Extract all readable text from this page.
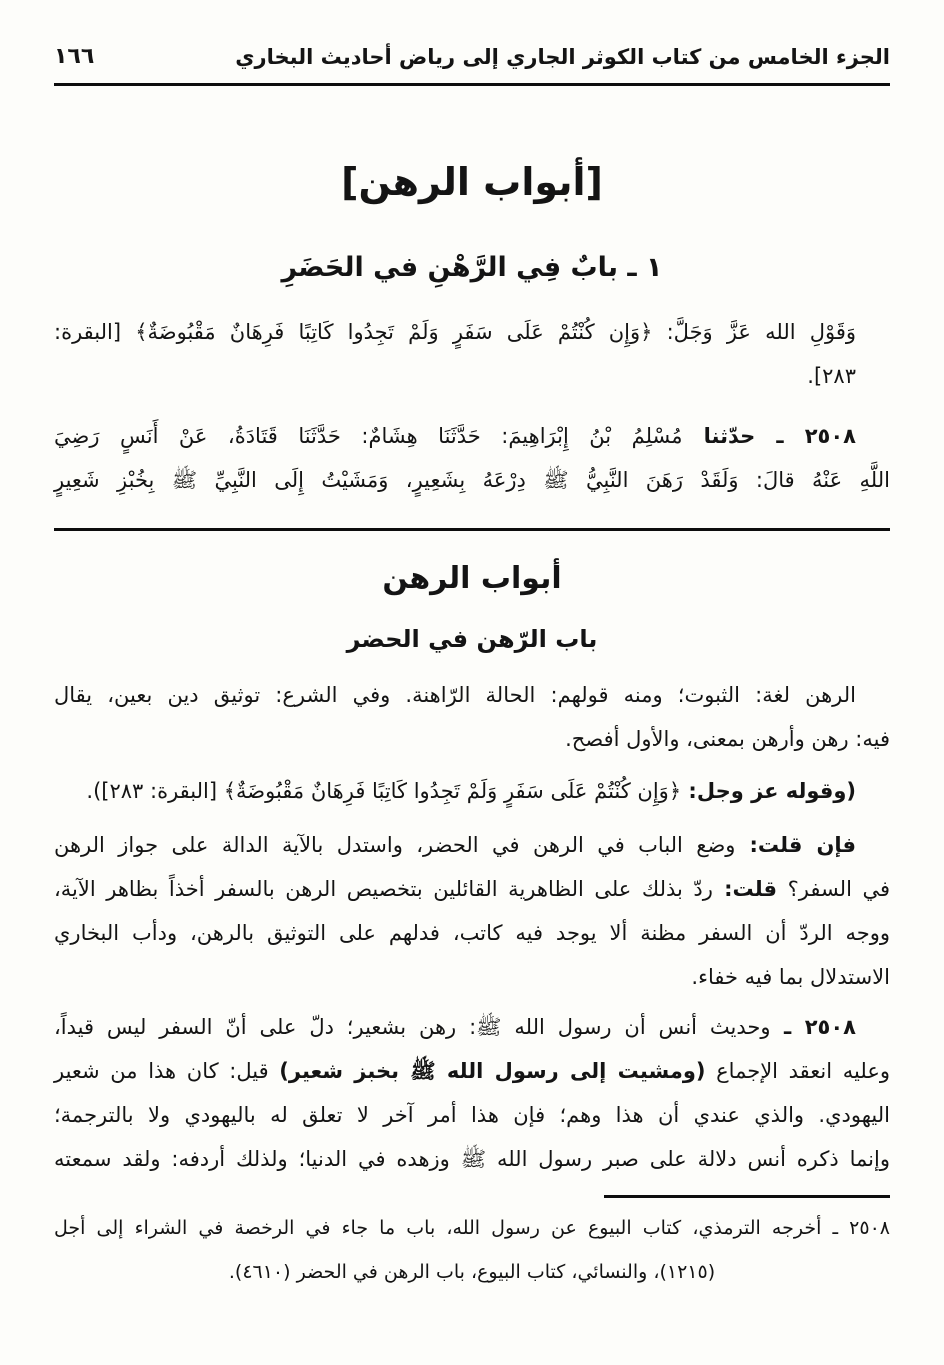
الجزء الخامس من كتاب الكوثر الجاري إلى رياض أحاديث البخاري
١٦٦
[أبواب الرهن]
١ ـ بابٌ فِي الرَّهْنِ في الحَضَرِ
وَقَوْلِ الله عَزَّ وَجَلَّ: ﴿وَإِن كُنْتُمْ عَلَى سَفَرٍ وَلَمْ تَجِدُوا كَاتِبًا فَرِهَانٌ مَقْبُوضَةٌ﴾ [البقرة:
٢٨٣].
٢٥٠٨ ـ حدّثنا مُسْلِمُ بْنُ إِبْرَاهِيمَ: حَدَّثَنَا هِشَامٌ: حَدَّثَنَا قَتَادَةُ، عَنْ أَنَسٍ رَضِيَ
اللَّهِ عَنْهُ قالَ: وَلَقَدْ رَهَنَ النَّبِيُّ ﷺ دِرْعَهُ بِشَعِيرٍ، وَمَشَيْتُ إِلَى النَّبِيِّ ﷺ بِخُبْزِ شَعِيرٍ
أبواب الرهن
باب الرّهن في الحضر
الرهن لغة: الثبوت؛ ومنه قولهم: الحالة الرّاهنة. وفي الشرع: توثيق دين بعين، يقال
فيه: رهن وأرهن بمعنى، والأول أفصح.
(وقوله عز وجل: ﴿وَإِن كُنْتُمْ عَلَى سَفَرٍ وَلَمْ تَجِدُوا كَاتِبًا فَرِهَانٌ مَقْبُوضَةٌ﴾ [البقرة: ٢٨٣]).
فإن قلت: وضع الباب في الرهن في الحضر، واستدل بالآية الدالة على جواز الرهن
في السفر؟ قلت: ردّ بذلك على الظاهرية القائلين بتخصيص الرهن بالسفر أخذاً بظاهر الآية،
ووجه الردّ أن السفر مظنة ألا يوجد فيه كاتب، فدلهم على التوثيق بالرهن، ودأب البخاري
الاستدلال بما فيه خفاء.
٢٥٠٨ ـ وحديث أنس أن رسول الله ﷺ: رهن بشعير؛ دلّ على أنّ السفر ليس قيداً،
وعليه انعقد الإجماع (ومشيت إلى رسول الله ﷺ بخبز شعير) قيل: كان هذا من شعير
اليهودي. والذي عندي أن هذا وهم؛ فإن هذا أمر آخر لا تعلق له باليهودي ولا بالترجمة؛
وإنما ذكره أنس دلالة على صبر رسول الله ﷺ وزهده في الدنيا؛ ولذلك أردفه: ولقد سمعته
٢٥٠٨ ـ أخرجه الترمذي، كتاب البيوع عن رسول الله، باب ما جاء في الرخصة في الشراء إلى أجل
(١٢١٥)، والنسائي، كتاب البيوع، باب الرهن في الحضر (٤٦١٠).
